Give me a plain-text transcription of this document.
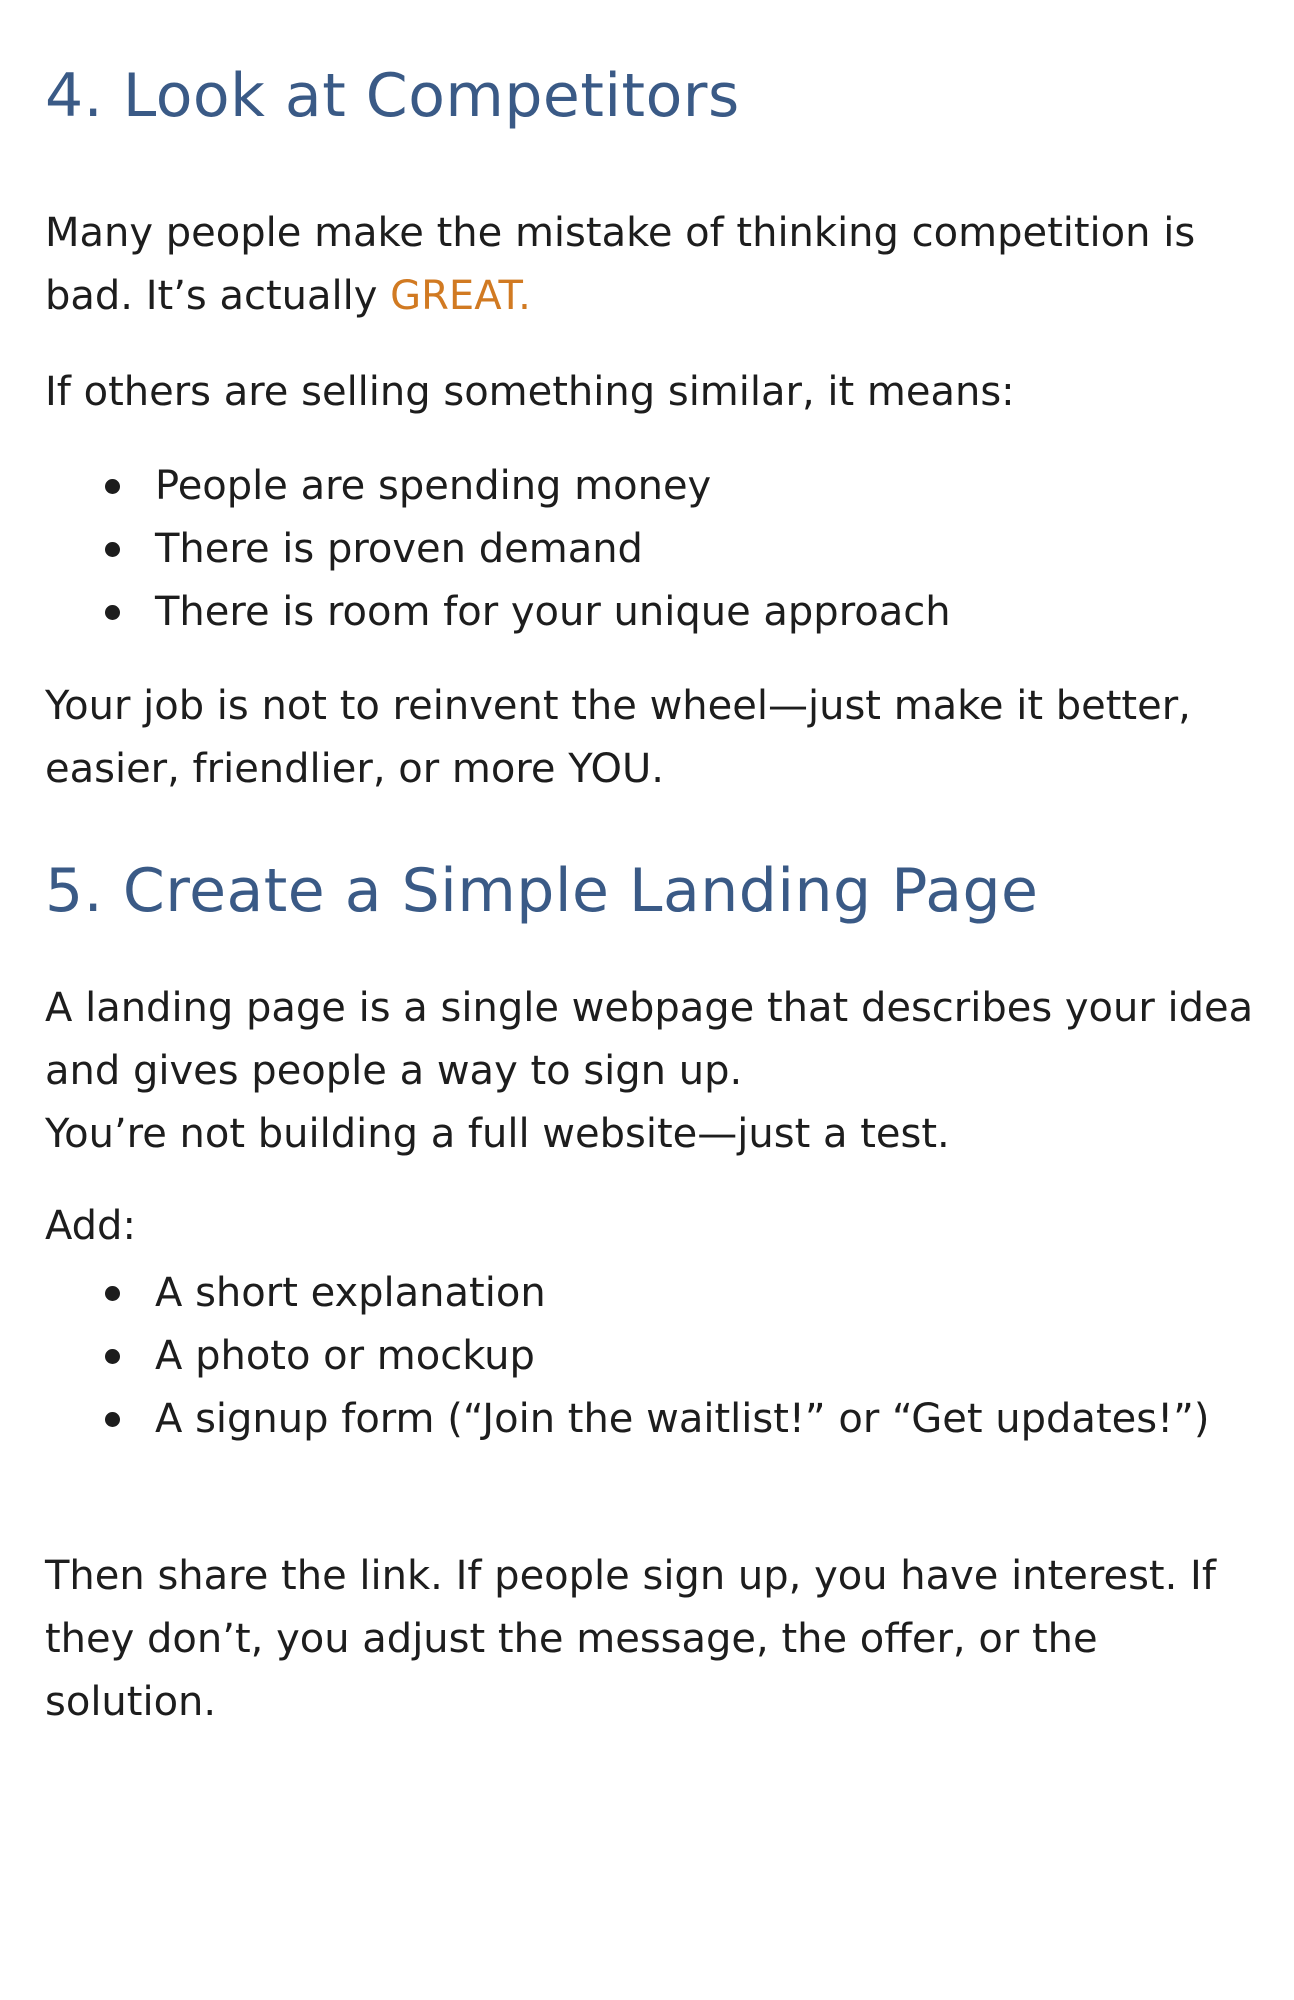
4. Look at Competitors

Many people make the mistake of thinking competition is bad. It’s actually GREAT.

If others are selling something similar, it means:

People are spending money
There is proven demand
There is room for your unique approach

Your job is not to reinvent the wheel—just make it better, easier, friendlier, or more YOU.

5. Create a Simple Landing Page

A landing page is a single webpage that describes your idea and gives people a way to sign up.
You’re not building a full website—just a test.

Add:

A short explanation
A photo or mockup
A signup form (“Join the waitlist!” or “Get updates!”)

Then share the link. If people sign up, you have interest. If they don’t, you adjust the message, the offer, or the solution.
